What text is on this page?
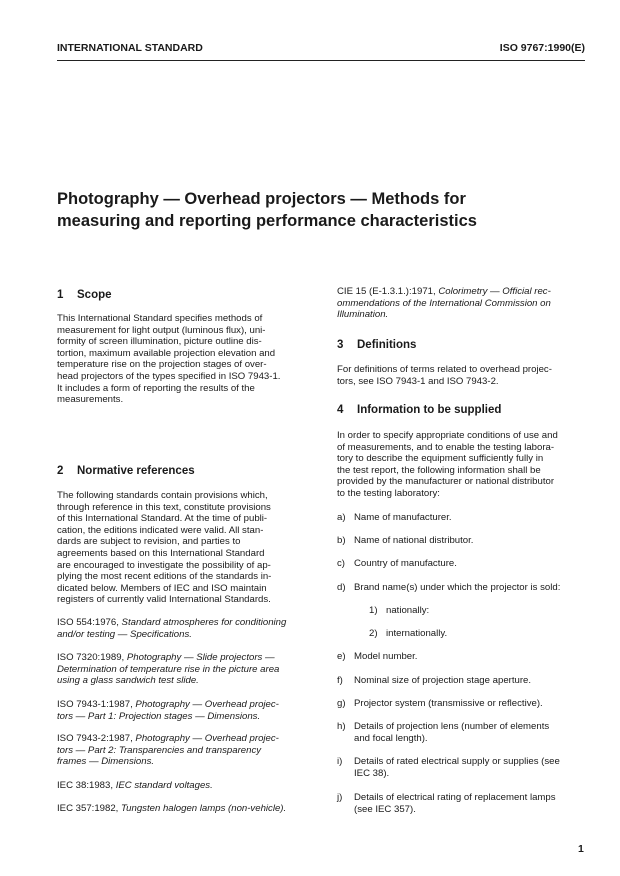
INTERNATIONAL STANDARD	ISO 9767:1990(E)
Photography — Overhead projectors — Methods for
measuring and reporting performance characteristics
1 Scope
This International Standard specifies methods of
measurement for light output (luminous flux), uni-
formity of screen illumination, picture outline dis-
tortion, maximum available projection elevation and
temperature rise on the projection stages of over-
head projectors of the types specified in ISO 7943-1.
It includes a form of reporting the results of the
measurements.
2 Normative references
The following standards contain provisions which,
through reference in this text, constitute provisions
of this International Standard. At the time of publi-
cation, the editions indicated were valid. All stan-
dards are subject to revision, and parties to
agreements based on this International Standard
are encouraged to investigate the possibility of ap-
plying the most recent editions of the standards in-
dicated below. Members of IEC and ISO maintain
registers of currently valid International Standards.
ISO 554:1976, Standard atmospheres for conditioning
and/or testing — Specifications.
ISO 7320:1989, Photography — Slide projectors —
Determination of temperature rise in the picture area
using a glass sandwich test slide.
ISO 7943-1:1987, Photography — Overhead projec-
tors — Part 1: Projection stages — Dimensions.
ISO 7943-2:1987, Photography — Overhead projec-
tors — Part 2: Transparencies and transparency
frames — Dimensions.
IEC 38:1983, IEC standard voltages.
IEC 357:1982, Tungsten halogen lamps (non-vehicle).
CIE 15 (E-1.3.1.):1971, Colorimetry — Official rec-
ommendations of the International Commission on
Illumination.
3 Definitions
For definitions of terms related to overhead projec-
tors, see ISO 7943-1 and ISO 7943-2.
4 Information to be supplied
In order to specify appropriate conditions of use and
of measurements, and to enable the testing labora-
tory to describe the equipment sufficiently fully in
the test report, the following information shall be
provided by the manufacturer or national distributor
to the testing laboratory:
a) Name of manufacturer.
b) Name of national distributor.
c) Country of manufacture.
d) Brand name(s) under which the projector is sold:
1) nationally:
2) internationally.
e) Model number.
f) Nominal size of projection stage aperture.
g) Projector system (transmissive or reflective).
h) Details of projection lens (number of elements
and focal length).
i) Details of rated electrical supply or supplies (see
IEC 38).
j) Details of electrical rating of replacement lamps
(see IEC 357).
1
